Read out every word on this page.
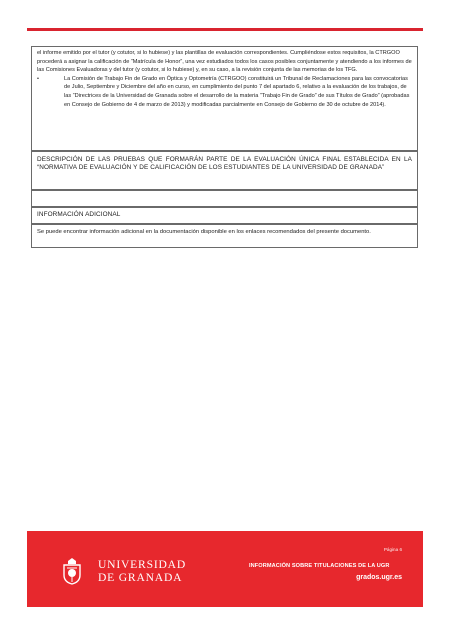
el informe emitido por el tutor (y cotutor, si lo hubiese) y las plantillas de evaluación correspondientes. Cumpliéndose estos requisitos, la CTRGOO procederá a asignar la calificación de “Matrícula de Honor”, una vez estudiados todos los casos posibles conjuntamente y atendiendo a los informes de las Comisiones Evaluadoras y del tutor (y cotutor, si lo hubiese) y, en su caso, a la revisión conjunta de las memorias de los TFG.

•	La Comisión de Trabajo Fin de Grado en Óptica y Optometría (CTRGOO) constituirá un Tribunal de Reclamaciones para las convocatorias de Julio, Septiembre y Diciembre del año en curso, en cumplimiento del punto 7 del apartado 6, relativo a la evaluación de los trabajos, de las “Directrices de la Universidad de Granada sobre el desarrollo de la materia “Trabajo Fin de Grado” de sus Títulos de Grado” (aprobadas en Consejo de Gobierno de 4 de marzo de 2013) y modificadas parcialmente en Consejo de Gobierno de 30 de octubre de 2014).

DESCRIPCIÓN DE LAS PRUEBAS QUE FORMARÁN PARTE DE LA EVALUACIÓN ÚNICA FINAL ESTABLECIDA EN LA “NORMATIVA DE EVALUACIÓN Y DE CALIFICACIÓN DE LOS ESTUDIANTES DE LA UNIVERSIDAD DE GRANADA”

INFORMACIÓN ADICIONAL

Se puede encontrar información adicional en la documentación disponible en los enlaces recomendados del presente documento.

UNIVERSIDAD

DE GRANADA

Página 6
INFORMACIÓN SOBRE TITULACIONES DE LA UGR
grados.ugr.es
